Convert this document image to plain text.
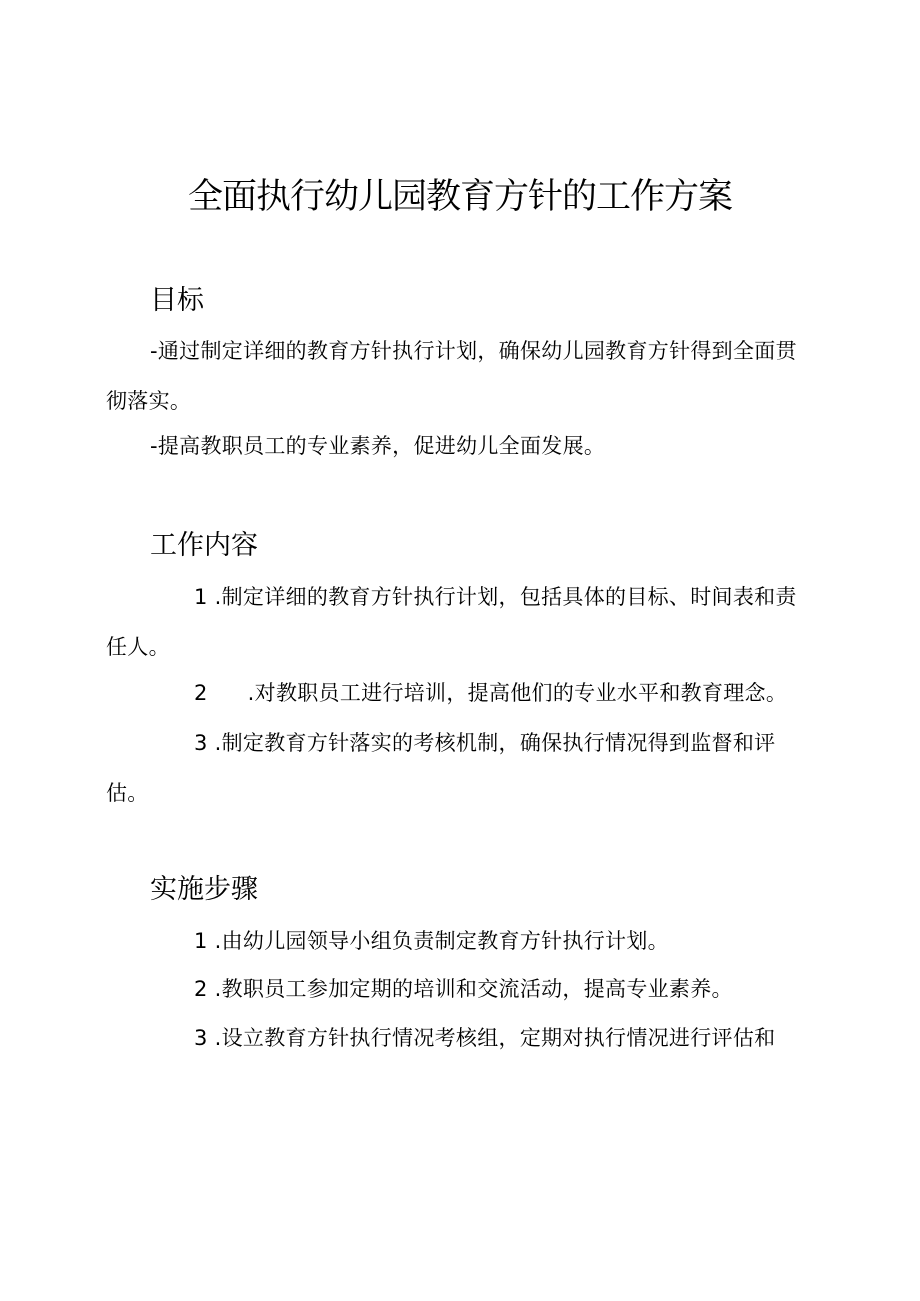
全面执行幼儿园教育方针的工作方案
目标

-通过制定详细的教育方针执行计划，确保幼儿园教育方针得到全面贯彻落实。

-提高教职员工的专业素养，促进幼儿全面发展。

工作内容

1 .制定详细的教育方针执行计划，包括具体的目标、时间表和责任人。

2 .对教职员工进行培训，提高他们的专业水平和教育理念。

3 .制定教育方针落实的考核机制，确保执行情况得到监督和评估。

实施步骤

1 .由幼儿园领导小组负责制定教育方针执行计划。

2 .教职员工参加定期的培训和交流活动，提高专业素养。

3 .设立教育方针执行情况考核组，定期对执行情况进行评估和
